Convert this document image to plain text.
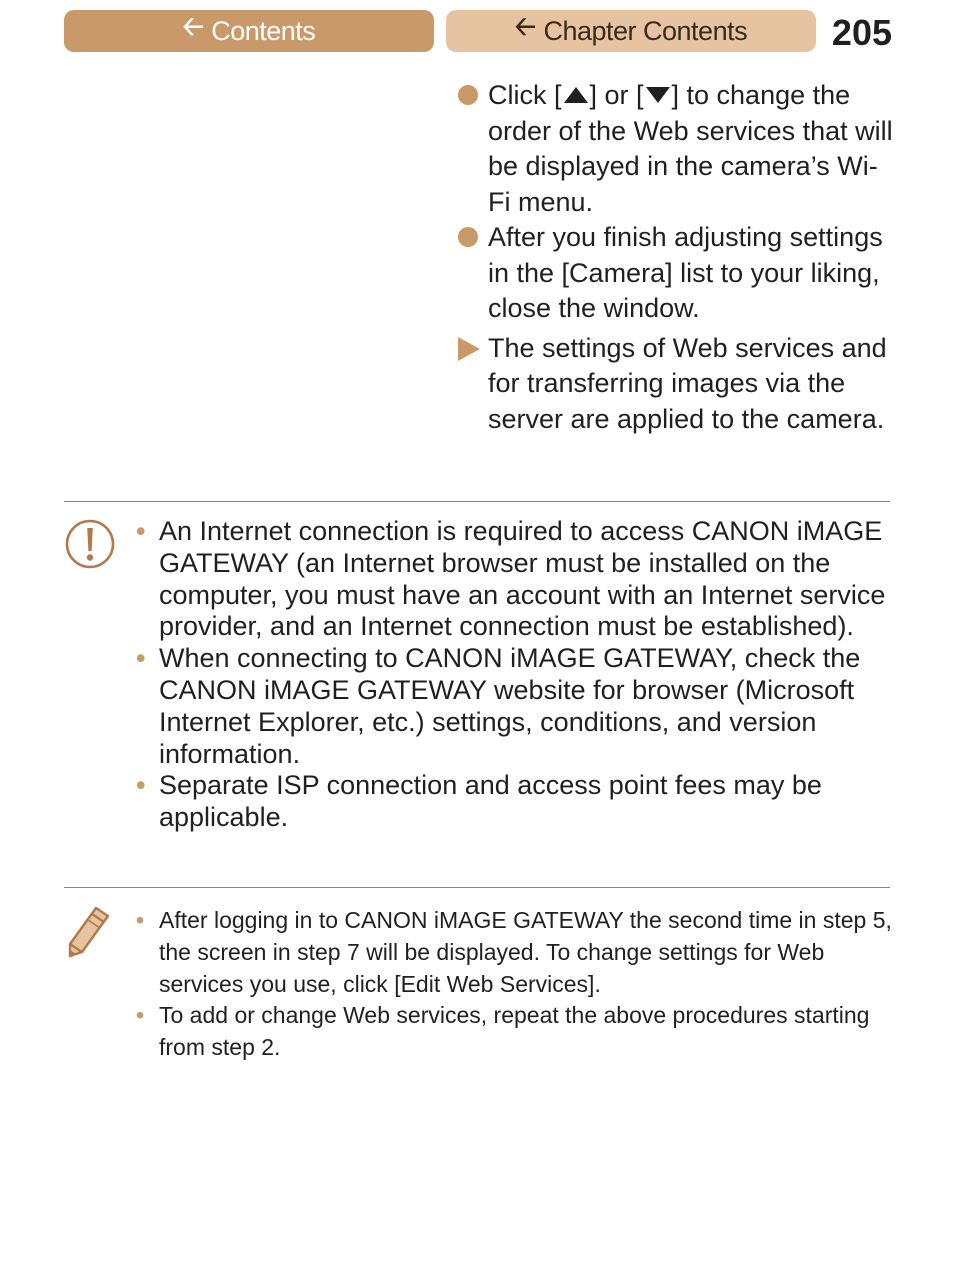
🡠 Contents	🡠 Chapter Contents 205
Click [ ] or [ ] to change the order of the Web services that will be displayed in the camera’s Wi-Fi menu.
After you finish adjusting settings in the [Camera] list to your liking, close the window.
The settings of Web services and for transferring images via the server are applied to the camera.
• An Internet connection is required to access CANON iMAGE GATEWAY (an Internet browser must be installed on the computer, you must have an account with an Internet service provider, and an Internet connection must be established).
• When connecting to CANON iMAGE GATEWAY, check the CANON iMAGE GATEWAY website for browser (Microsoft Internet Explorer, etc.) settings, conditions, and version information.
• Separate ISP connection and access point fees may be applicable.
• After logging in to CANON iMAGE GATEWAY the second time in step 5, the screen in step 7 will be displayed. To change settings for Web services you use, click [Edit Web Services].
• To add or change Web services, repeat the above procedures starting from step 2.
